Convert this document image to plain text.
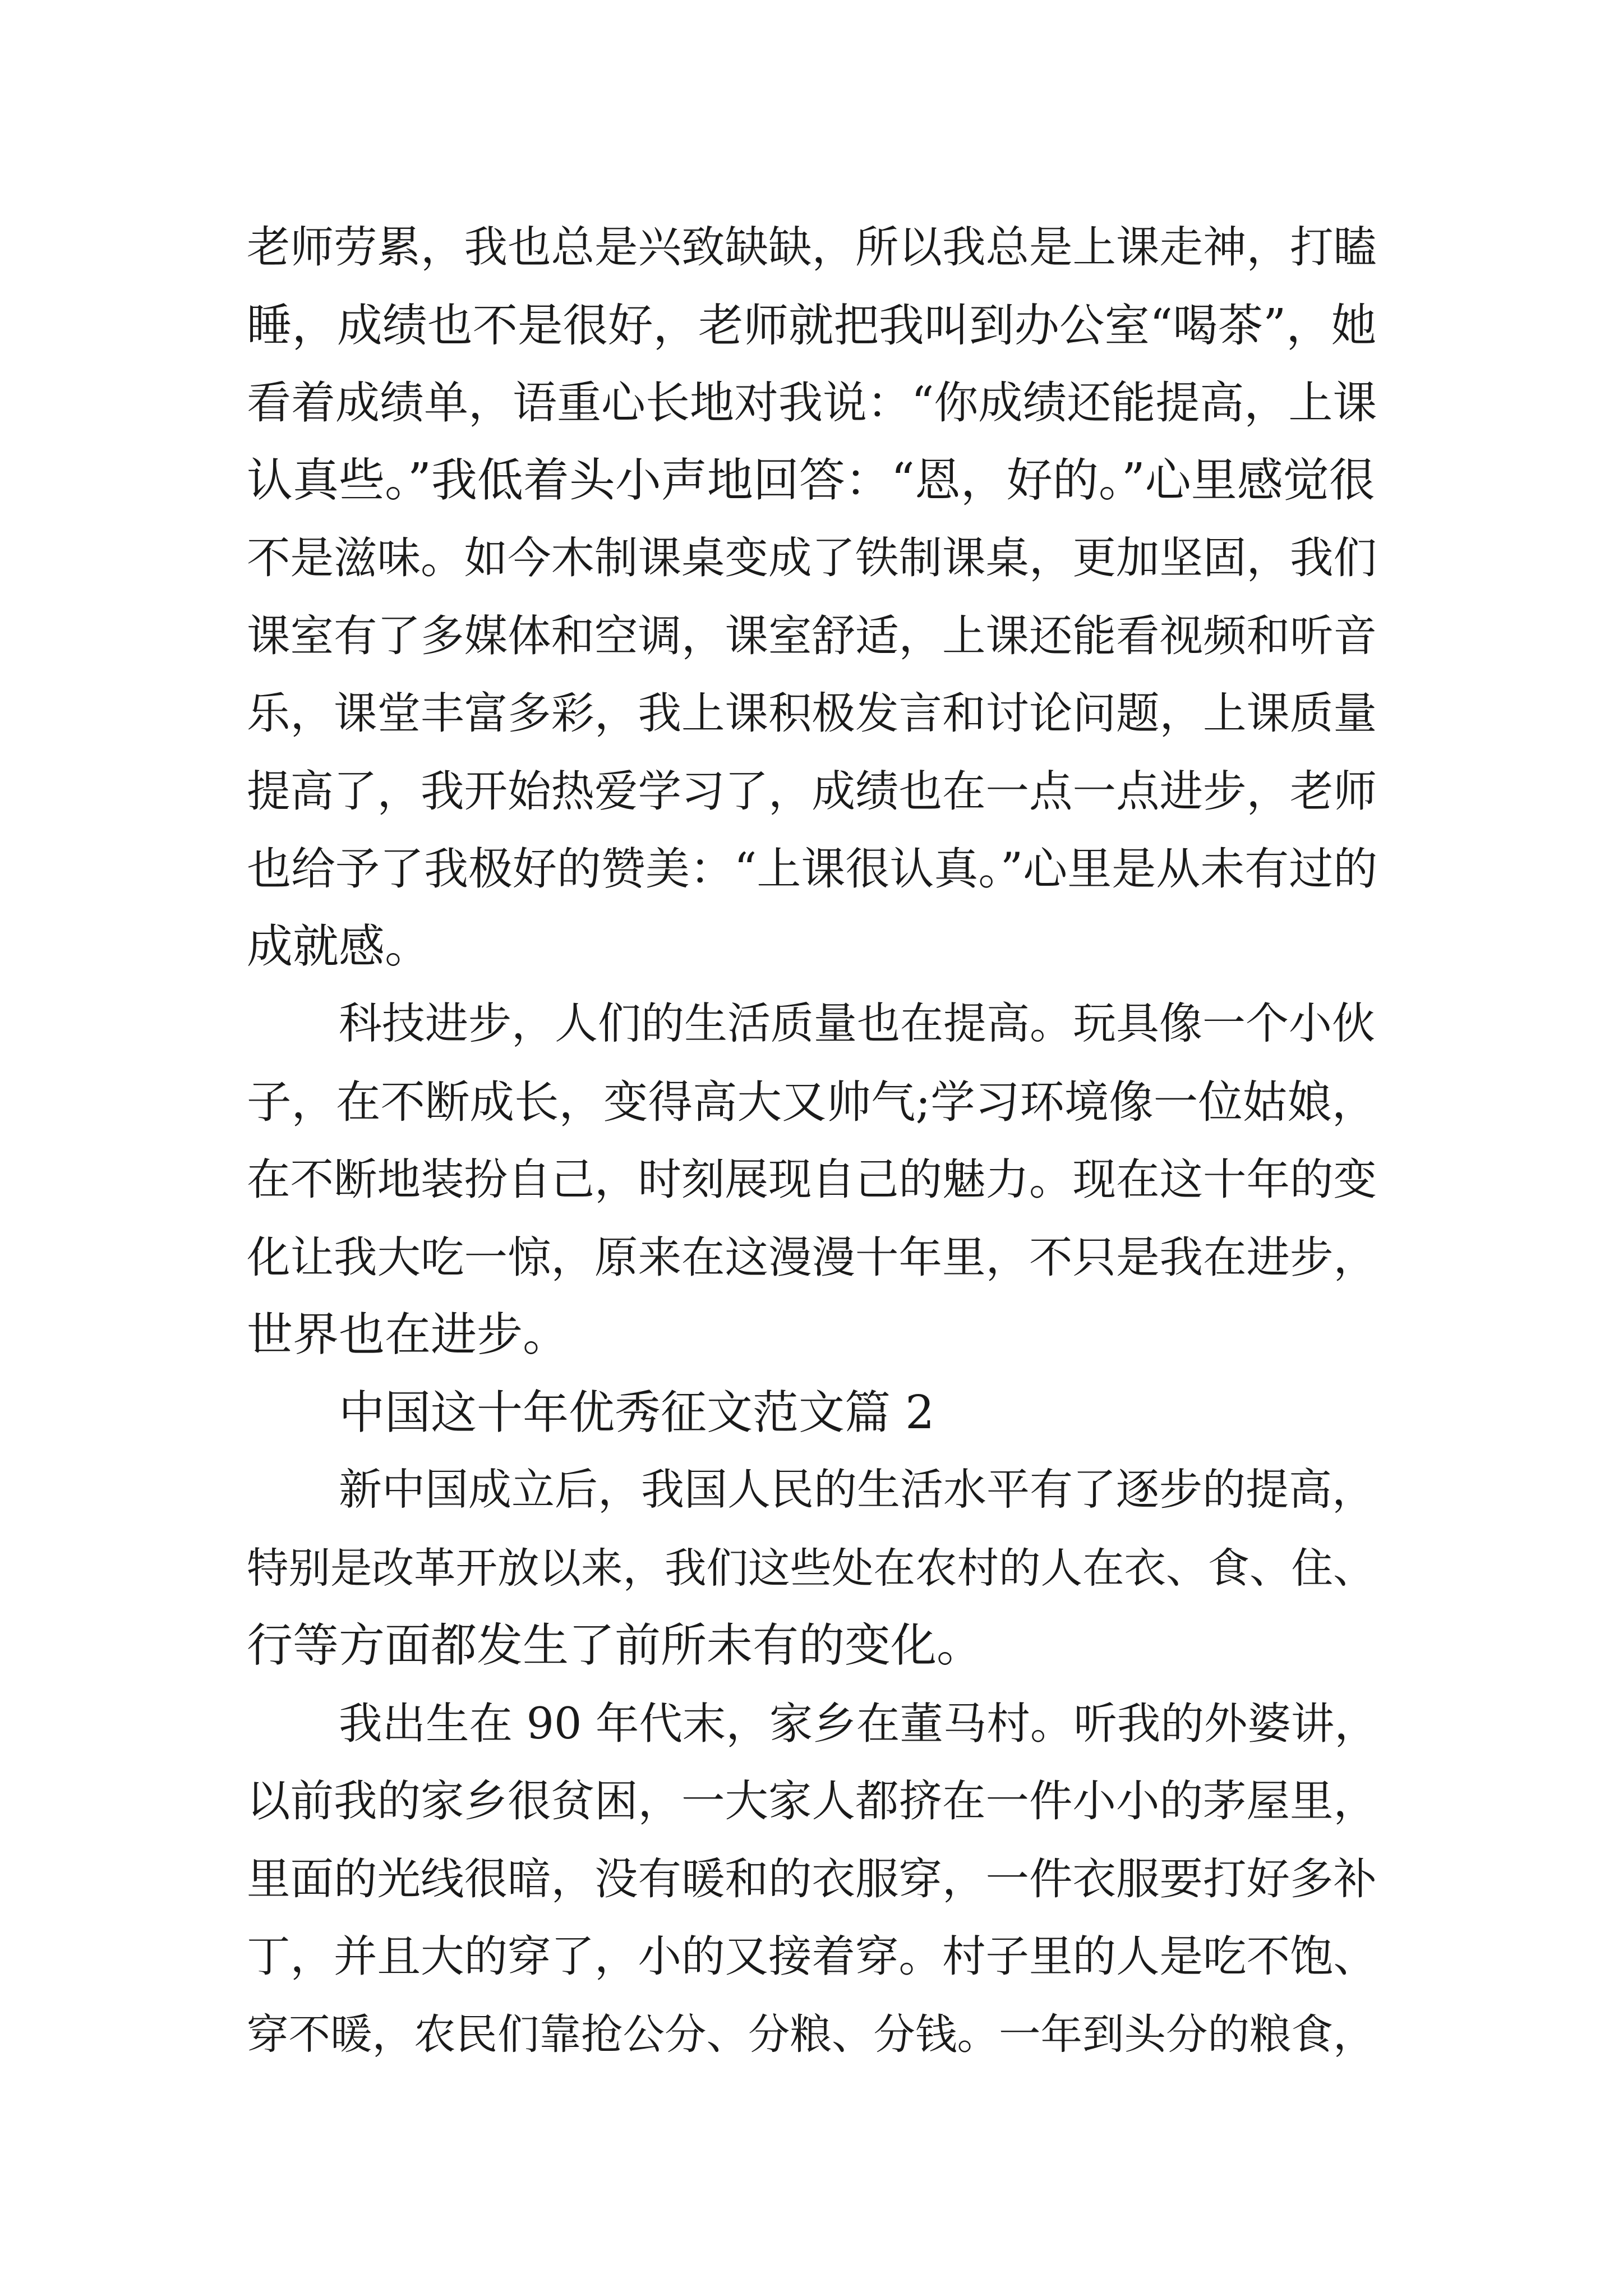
老师劳累，我也总是兴致缺缺，所以我总是上课走神，打瞌
睡，成绩也不是很好，老师就把我叫到办公室“喝茶”，她
看着成绩单，语重心长地对我说：“你成绩还能提高，上课
认真些。”我低着头小声地回答：“恩，好的。”心里感觉很
不是滋味。如今木制课桌变成了铁制课桌，更加坚固，我们
课室有了多媒体和空调，课室舒适，上课还能看视频和听音
乐，课堂丰富多彩，我上课积极发言和讨论问题，上课质量
提高了，我开始热爱学习了，成绩也在一点一点进步，老师
也给予了我极好的赞美：“上课很认真。”心里是从未有过的
成就感。
科技进步，人们的生活质量也在提高。玩具像一个小伙
子，在不断成长，变得高大又帅气;学习环境像一位姑娘，
在不断地装扮自己，时刻展现自己的魅力。现在这十年的变
化让我大吃一惊，原来在这漫漫十年里，不只是我在进步，
世界也在进步。
中国这十年优秀征文范文篇 2
新中国成立后，我国人民的生活水平有了逐步的提高，
特别是改革开放以来，我们这些处在农村的人在衣、食、住、
行等方面都发生了前所未有的变化。
我出生在 90 年代末，家乡在董马村。听我的外婆讲，
以前我的家乡很贫困，一大家人都挤在一件小小的茅屋里，
里面的光线很暗，没有暖和的衣服穿，一件衣服要打好多补
丁，并且大的穿了，小的又接着穿。村子里的人是吃不饱、
穿不暖，农民们靠抢公分、分粮、分钱。一年到头分的粮食，
